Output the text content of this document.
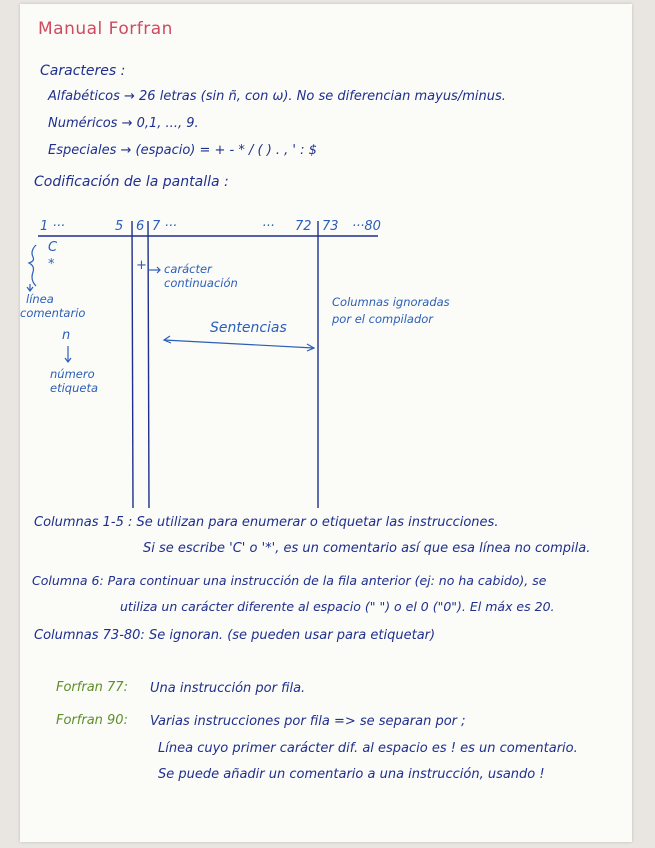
Manual Forfran
Caracteres :
Alfabéticos → 26 letras (sin ñ, con ω). No se diferencian mayus/minus.
Numéricos → 0,1, ..., 9.
Especiales → (espacio) = + - * / ( ) . , ' : $
Codificación de la pantalla :
1 ···	5 6 7 ···	··· 72 73 ···80
C
*	+
línea
comentario
n
número
etiqueta
carácter
continuación
Sentencias
Columnas ignoradas
por el compilador
Columnas 1-5 : Se utilizan para enumerar o etiquetar las instrucciones.
Si se escribe 'C' o '*', es un comentario así que esa línea no compila.
Columna 6: Para continuar una instrucción de la fila anterior (ej: no ha cabido), se
utiliza un carácter diferente al espacio (" ") o el 0 ("0"). El máx es 20.
Columnas 73-80: Se ignoran. (se pueden usar para etiquetar)
Forfran 77: Una instrucción por fila.
Forfran 90: Varias instrucciones por fila => se separan por ;
Línea cuyo primer carácter dif. al espacio es ! es un comentario.
Se puede añadir un comentario a una instrucción, usando !
